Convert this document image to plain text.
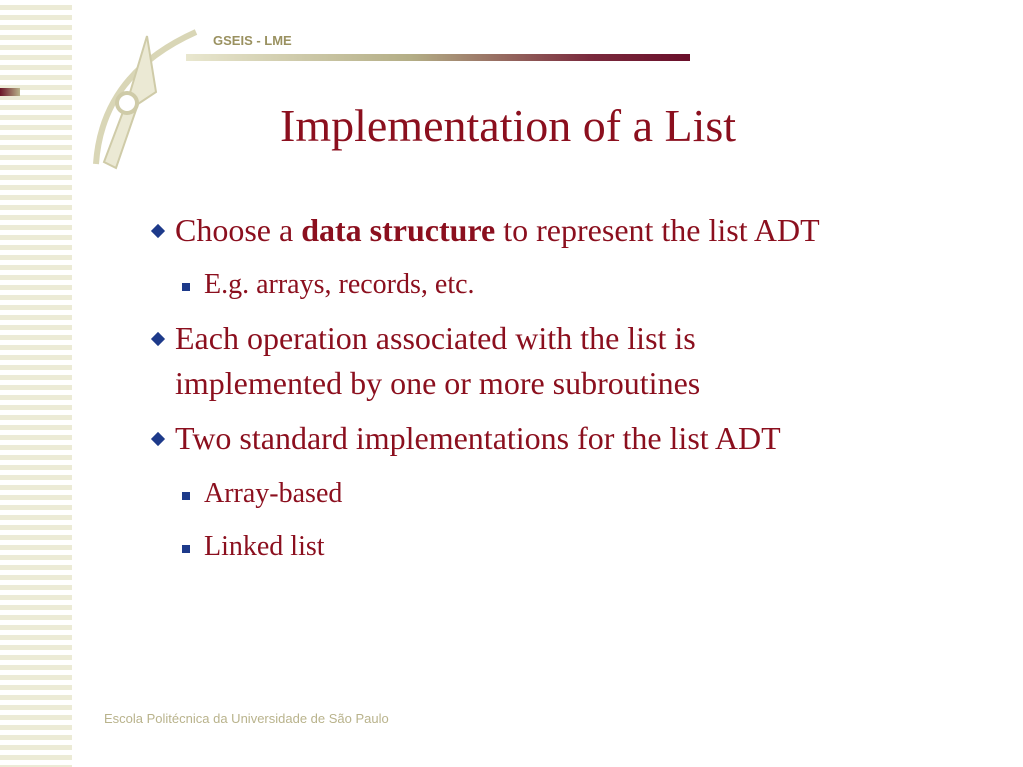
GSEIS - LME
Implementation of a List
Choose a data structure to represent the list ADT
E.g. arrays, records, etc.
Each operation associated with the list is
implemented by one or more subroutines
Two standard implementations for the list ADT
Array-based
Linked list
Escola Politécnica da Universidade de São Paulo
